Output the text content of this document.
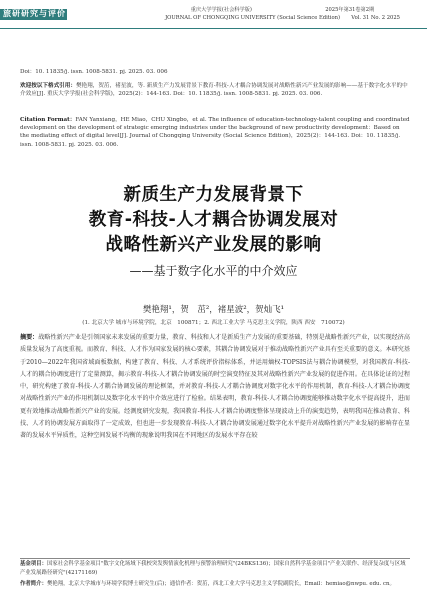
旅研研究与评价	重庆大学学报(社会科学版)	2025年第31卷第2期
JOURNAL OF CHONGQING UNIVERSITY (Social Science Edition) Vol. 31 No. 2 2025
Doi：10. 11835/j. issn. 1008-5831. pj. 2025. 03. 006
欢迎按以下格式引用：樊艳翔，贺茁，褚星波，等. 新质生产力发展背景下教育-科技-人才耦合协调发展对战略性新兴产业发展的影响——基于数字化水平的中介效应[J]. 重庆大学学报(社会科学版)，2025(2)：144-163. Doi：10. 11835/j. issn. 1008-5831. pj. 2025. 03. 006.
Citation Format：FAN Yanxiang，HE Miao，CHU Xingbo，et al. The influence of education-technology-talent coupling and coordinated development on the development of strategic emerging industries under the background of new productivity development：Based on the mediating effect of digital level[J]. Journal of Chongqing University (Social Science Edition)，2025(2)：144-163. Doi：10. 11835/j. issn. 1008-5831. pj. 2025. 03. 006.
新质生产力发展背景下
教育-科技-人才耦合协调发展对
战略性新兴产业发展的影响
——基于数字化水平的中介效应
樊艳翔¹，贺　茁²，褚星波²，贺灿飞¹
(1. 北京大学 城市与环境学院，北京　100871；2. 西北工业大学 马克思主义学院，陕西 西安　710072)
摘要：战略性新兴产业是引领国家未来发展的重要力量，教育、科技和人才是新质生产力发展的重要基础，特别是战略性新兴产业，以实现经济高质量发展为了高度重视。而教育、科技、人才作为国家发展的核心要素，其耦合协调发展对于推动战略性新兴产业具有至关重要的意义。本研究基于2010—2022年我国省域面板数据，构建了教育、科技、人才系统评价指标体系，并运用熵权-TOPSIS法与耦合协调模型，对我国教育-科技-人才的耦合协调度进行了定量测算，揭示教育-科技-人才耦合协调发展的时空演变特征及其对战略性新兴产业发展的促进作用。在具体论证的过程中，研究构建了教育-科技-人才耦合协调发展的理论框架，并对教育-科技-人才耦合协调度对数字化水平的作用机制，教育-科技-人才耦合协调度对战略性新兴产业的作用机制以及数字化水平的中介效应进行了检验。结果表明，教育-科技-人才耦合协调度能够推动数字化水平提高提升，进而更有效地推动战略性新兴产业的发展。经测度研究发现，我国教育-科技-人才耦合协调度整体呈现波动上升的演变趋势，表明我国在推动教育、科技、人才的协调发展方面取得了一定成效，但也进一步发现教育-科技-人才耦合协调发展通过数字化水平提升对战略性新兴产业发展的影响存在显著的发展水平异质性，这种空间发展不均衡的现象说明我国在不同地区的发展水平存在较
基金项目：国家社会科学基金项目"数字文化场域下我校突发舆情演化机理与预警治理研究"(24BKS136)；国家自然科学基金项目"产业关联作、经济复杂度与区域产业发展路径研究"(42171169)
作者简介：樊艳翔，北京大学城市与环境学院博士研究生(后)；通信作者：贺茁，西北工业大学马克思主义学院副院长，Email：hemiao@nwpu. edu. cn。
